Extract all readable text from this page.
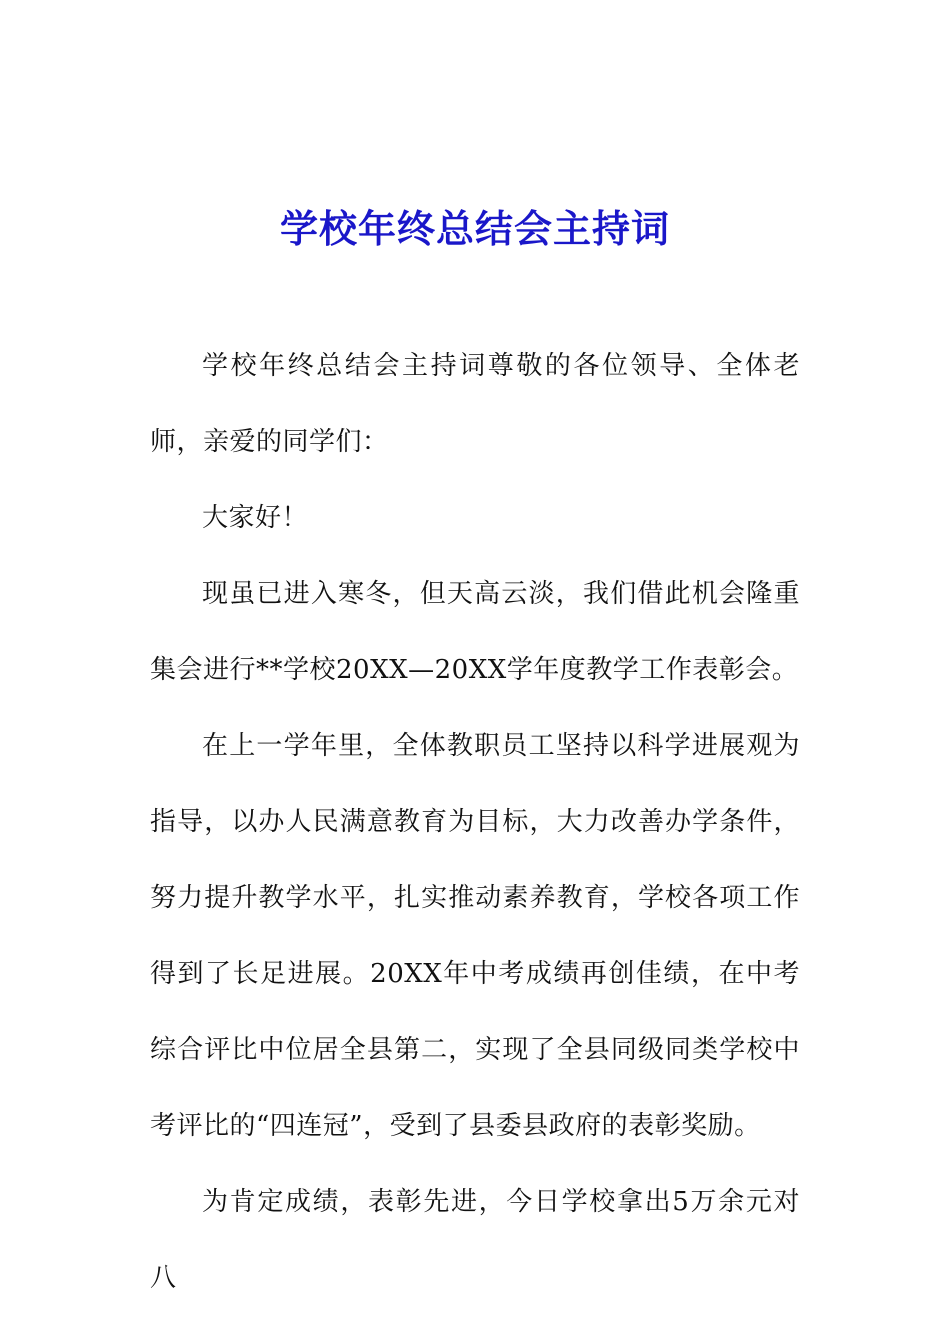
学校年终总结会主持词

学校年终总结会主持词尊敬的各位领导、全体老师，亲爱的同学们：

大家好！

现虽已进入寒冬，但天高云淡，我们借此机会隆重集会进行**学校20XX—20XX学年度教学工作表彰会。

在上一学年里，全体教职员工坚持以科学进展观为指导，以办人民满意教育为目标，大力改善办学条件，努力提升教学水平，扎实推动素养教育，学校各项工作得到了长足进展。20XX年中考成绩再创佳绩，在中考综合评比中位居全县第二，实现了全县同级同类学校中考评比的“四连冠”，受到了县委县政府的表彰奖励。

为肯定成绩，表彰先进，今日学校拿出5万余元对八
